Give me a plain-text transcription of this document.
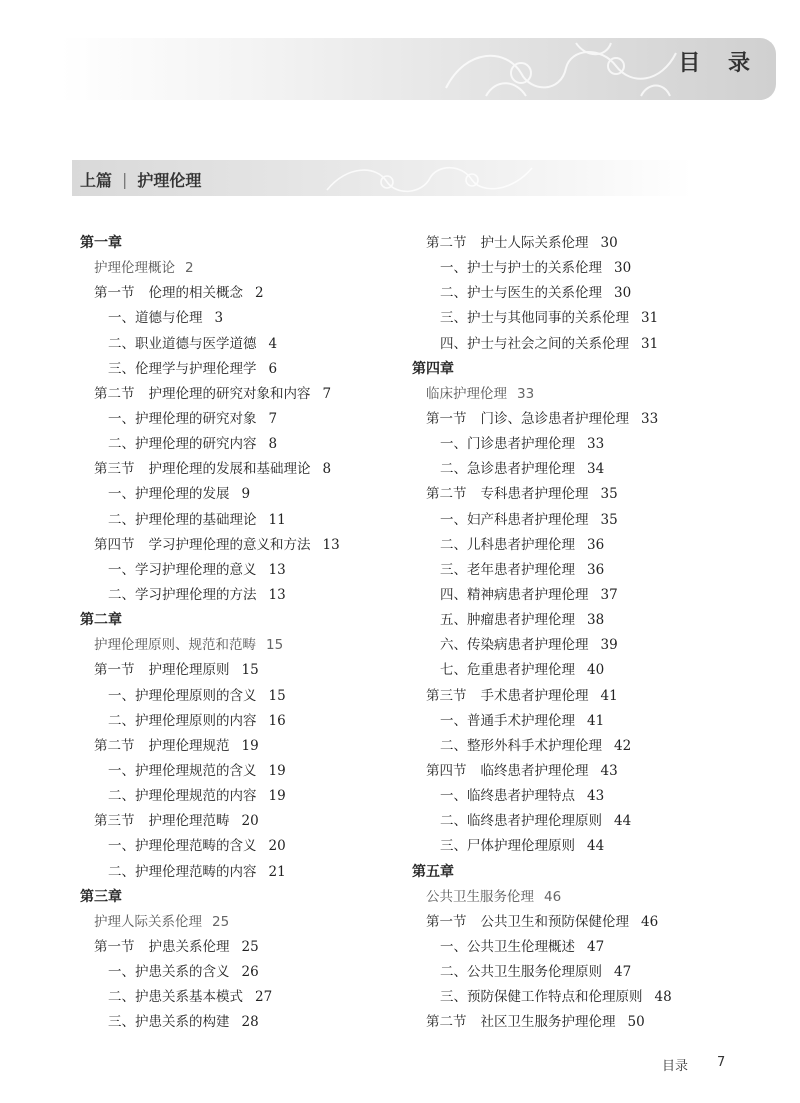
目 录
上篇 | 护理伦理
第一章
护理伦理概论 2
第一节 伦理的相关概念 2
一、道德与伦理 3
二、职业道德与医学道德 4
三、伦理学与护理伦理学 6
第二节 护理伦理的研究对象和内容 7
一、护理伦理的研究对象 7
二、护理伦理的研究内容 8
第三节 护理伦理的发展和基础理论 8
一、护理伦理的发展 9
二、护理伦理的基础理论 11
第四节 学习护理伦理的意义和方法 13
一、学习护理伦理的意义 13
二、学习护理伦理的方法 13
第二章
护理伦理原则、规范和范畴 15
第一节 护理伦理原则 15
一、护理伦理原则的含义 15
二、护理伦理原则的内容 16
第二节 护理伦理规范 19
一、护理伦理规范的含义 19
二、护理伦理规范的内容 19
第三节 护理伦理范畴 20
一、护理伦理范畴的含义 20
二、护理伦理范畴的内容 21
第三章
护理人际关系伦理 25
第一节 护患关系伦理 25
一、护患关系的含义 26
二、护患关系基本模式 27
三、护患关系的构建 28
第二节 护士人际关系伦理 30
一、护士与护士的关系伦理 30
二、护士与医生的关系伦理 30
三、护士与其他同事的关系伦理 31
四、护士与社会之间的关系伦理 31
第四章
临床护理伦理 33
第一节 门诊、急诊患者护理伦理 33
一、门诊患者护理伦理 33
二、急诊患者护理伦理 34
第二节 专科患者护理伦理 35
一、妇产科患者护理伦理 35
二、儿科患者护理伦理 36
三、老年患者护理伦理 36
四、精神病患者护理伦理 37
五、肿瘤患者护理伦理 38
六、传染病患者护理伦理 39
七、危重患者护理伦理 40
第三节 手术患者护理伦理 41
一、普通手术护理伦理 41
二、整形外科手术护理伦理 42
第四节 临终患者护理伦理 43
一、临终患者护理特点 43
二、临终患者护理伦理原则 44
三、尸体护理伦理原则 44
第五章
公共卫生服务伦理 46
第一节 公共卫生和预防保健伦理 46
一、公共卫生伦理概述 47
二、公共卫生服务伦理原则 47
三、预防保健工作特点和伦理原则 48
第二节 社区卫生服务护理伦理 50
目录 7
